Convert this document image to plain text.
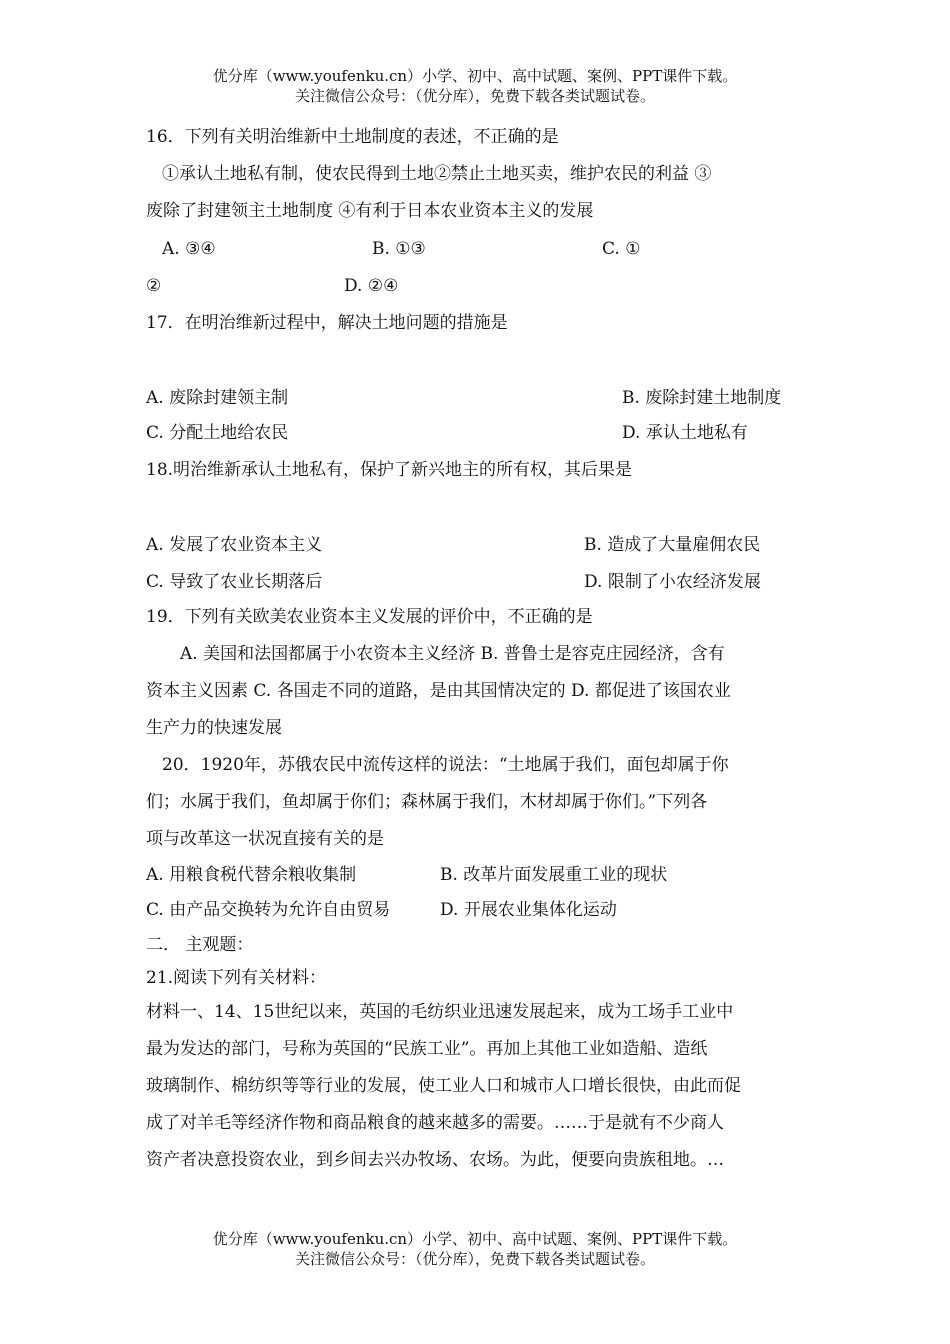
优分库（www.youfenku.cn）小学、初中、高中试题、案例、PPT课件下载。
关注微信公众号：（优分库），免费下载各类试题试卷。
16．下列有关明治维新中土地制度的表述，不正确的是
①承认土地私有制，使农民得到土地②禁止土地买卖，维护农民的利益 ③
废除了封建领主土地制度 ④有利于日本农业资本主义的发展
A. ③④	B. ①③	C. ①
②	D. ②④
17．在明治维新过程中，解决土地问题的措施是
A. 废除封建领主制	B. 废除封建土地制度
C. 分配土地给农民	D. 承认土地私有
18.明治维新承认土地私有，保护了新兴地主的所有权，其后果是
A. 发展了农业资本主义	B. 造成了大量雇佣农民
C. 导致了农业长期落后	D. 限制了小农经济发展
19．下列有关欧美农业资本主义发展的评价中，不正确的是
A. 美国和法国都属于小农资本主义经济 B. 普鲁士是容克庄园经济，含有
资本主义因素 C. 各国走不同的道路，是由其国情决定的 D. 都促进了该国农业
生产力的快速发展
20．1920年，苏俄农民中流传这样的说法：“土地属于我们，面包却属于你
们；水属于我们，鱼却属于你们；森林属于我们，木材却属于你们。”下列各
项与改革这一状况直接有关的是
A. 用粮食税代替余粮收集制	B. 改革片面发展重工业的现状
C. 由产品交换转为允许自由贸易	D. 开展农业集体化运动
二． 主观题：
21.阅读下列有关材料：
材料一、14、15世纪以来，英国的毛纺织业迅速发展起来，成为工场手工业中
最为发达的部门，号称为英国的“民族工业”。再加上其他工业如造船、造纸
玻璃制作、棉纺织等等行业的发展，使工业人口和城市人口增长很快，由此而促
成了对羊毛等经济作物和商品粮食的越来越多的需要。……于是就有不少商人
资产者决意投资农业，到乡间去兴办牧场、农场。为此，便要向贵族租地。…
优分库（www.youfenku.cn）小学、初中、高中试题、案例、PPT课件下载。
关注微信公众号：（优分库），免费下载各类试题试卷。
